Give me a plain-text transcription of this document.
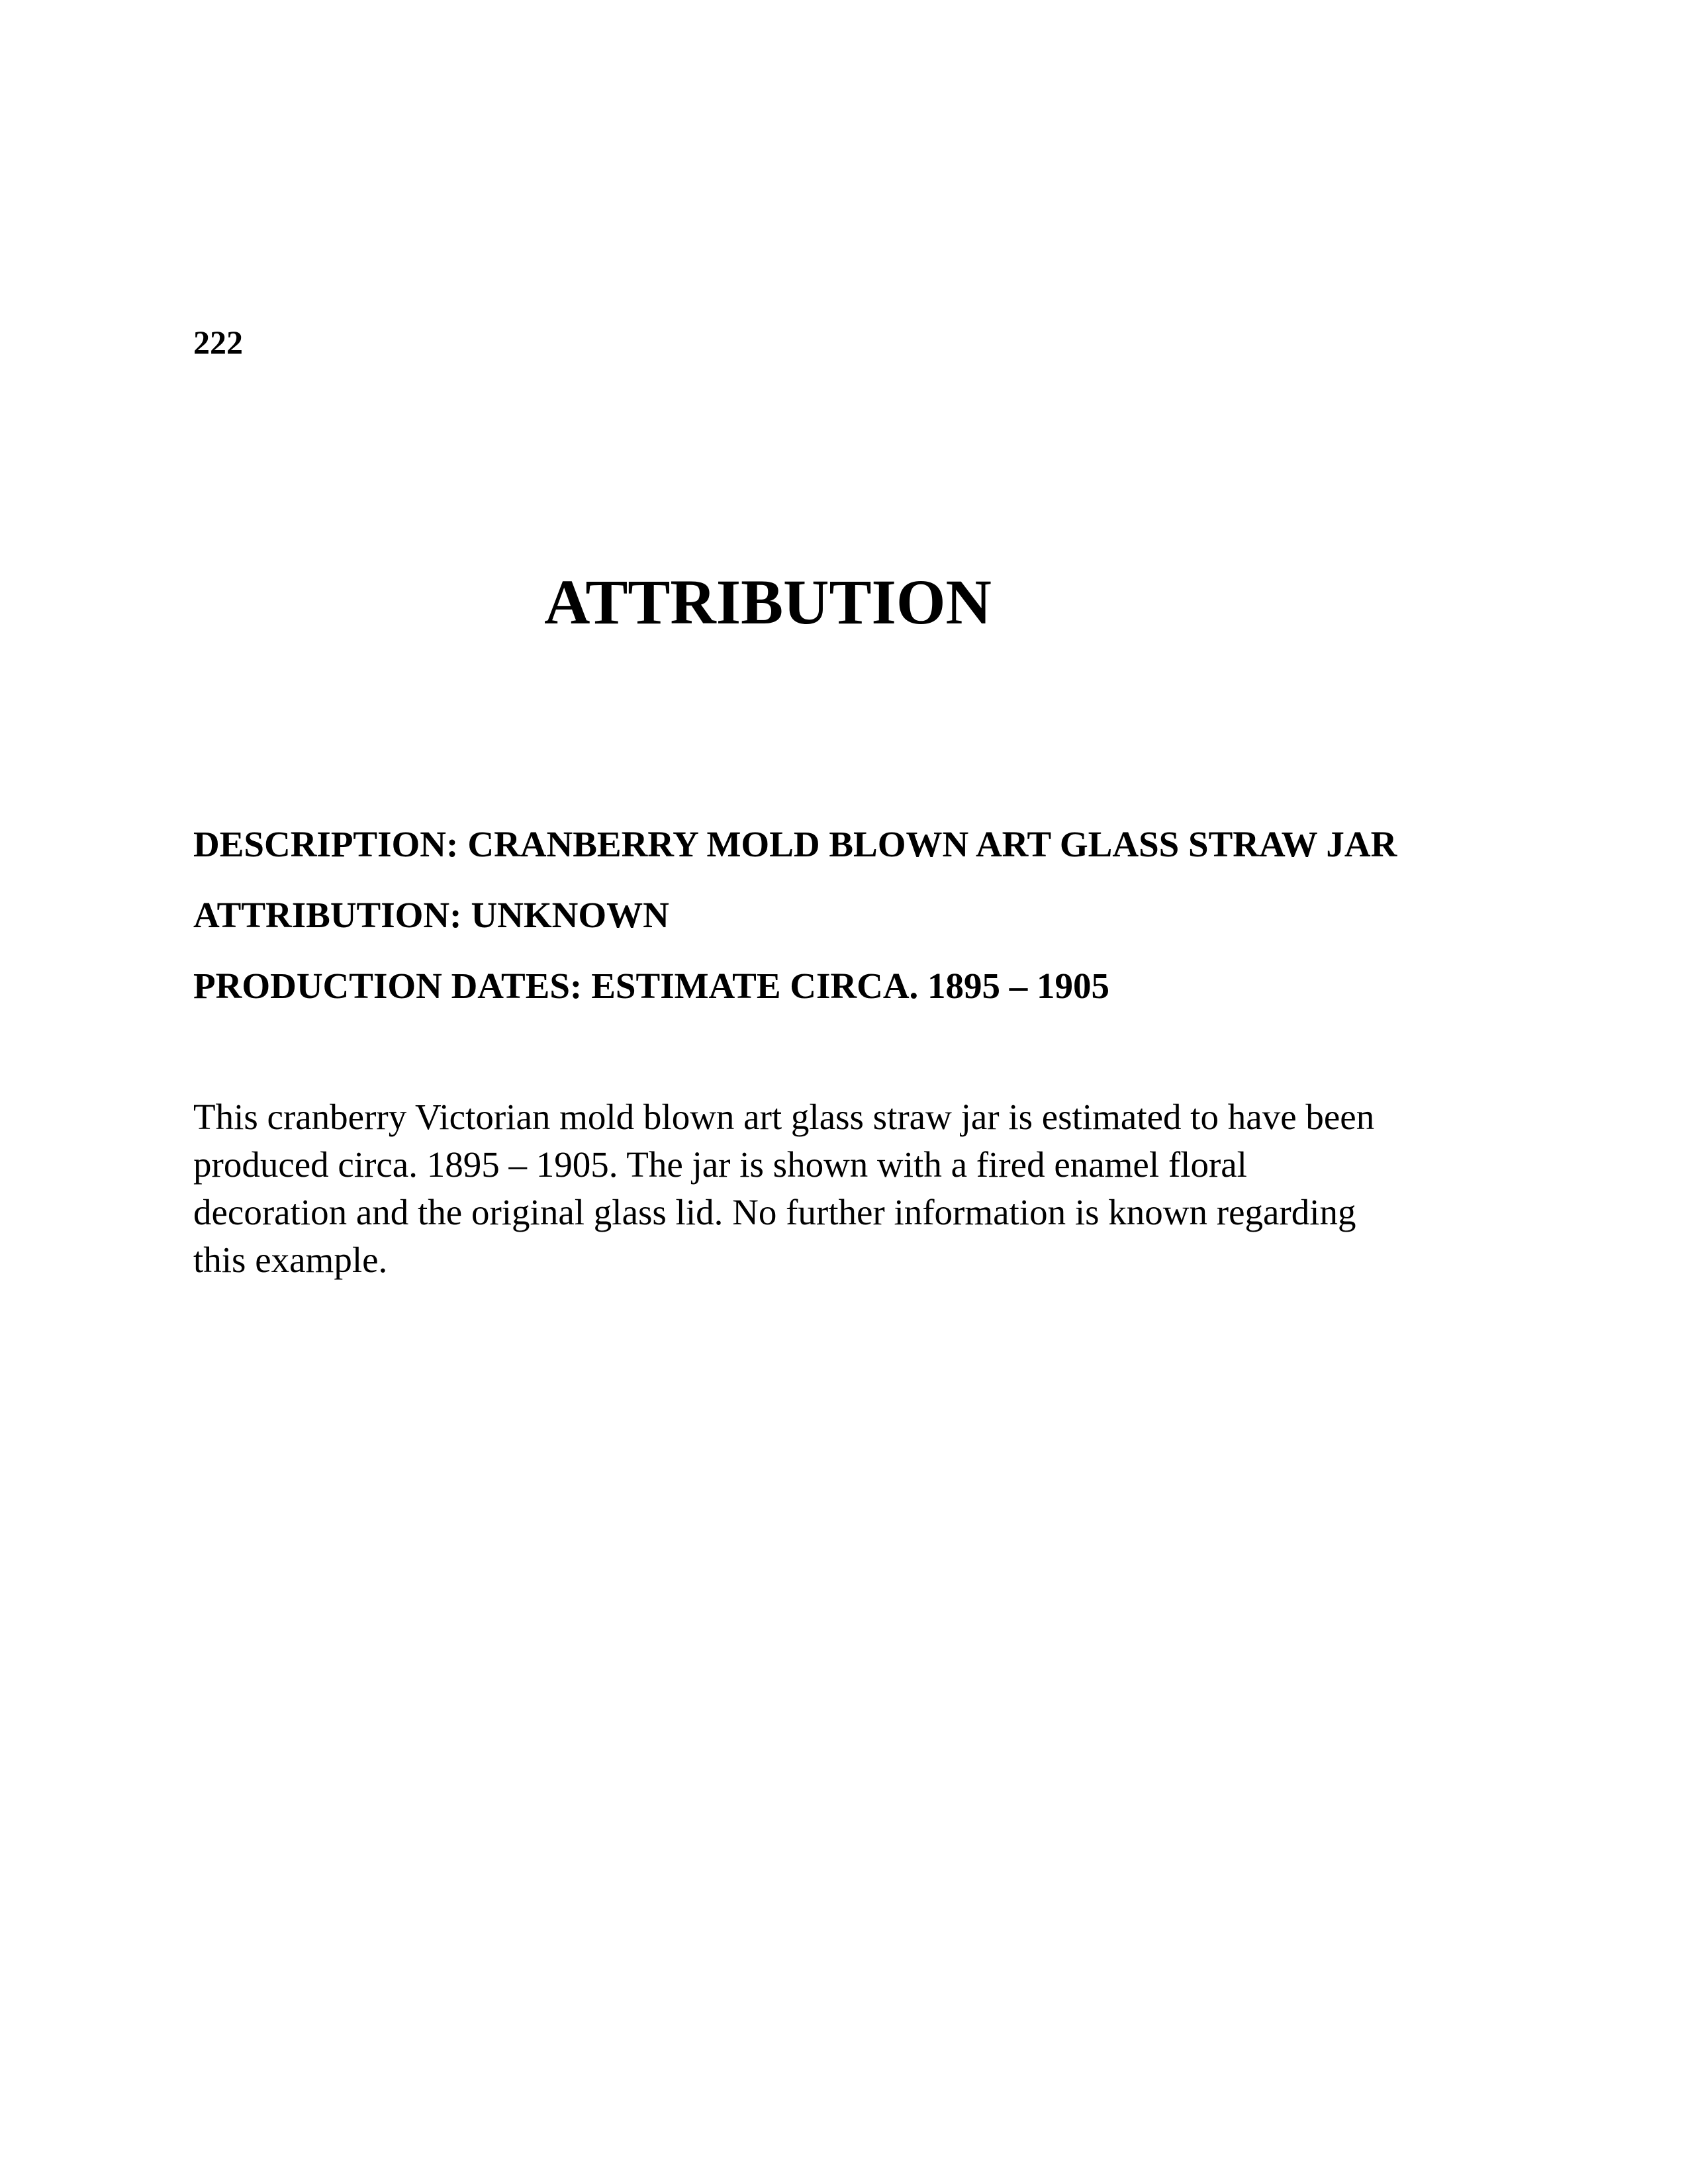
222
ATTRIBUTION
DESCRIPTION: CRANBERRY MOLD BLOWN ART GLASS STRAW JAR
ATTRIBUTION: UNKNOWN
PRODUCTION DATES: ESTIMATE CIRCA. 1895 – 1905

This cranberry Victorian mold blown art glass straw jar is estimated to have been
produced circa. 1895 – 1905. The jar is shown with a fired enamel floral
decoration and the original glass lid. No further information is known regarding
this example.
